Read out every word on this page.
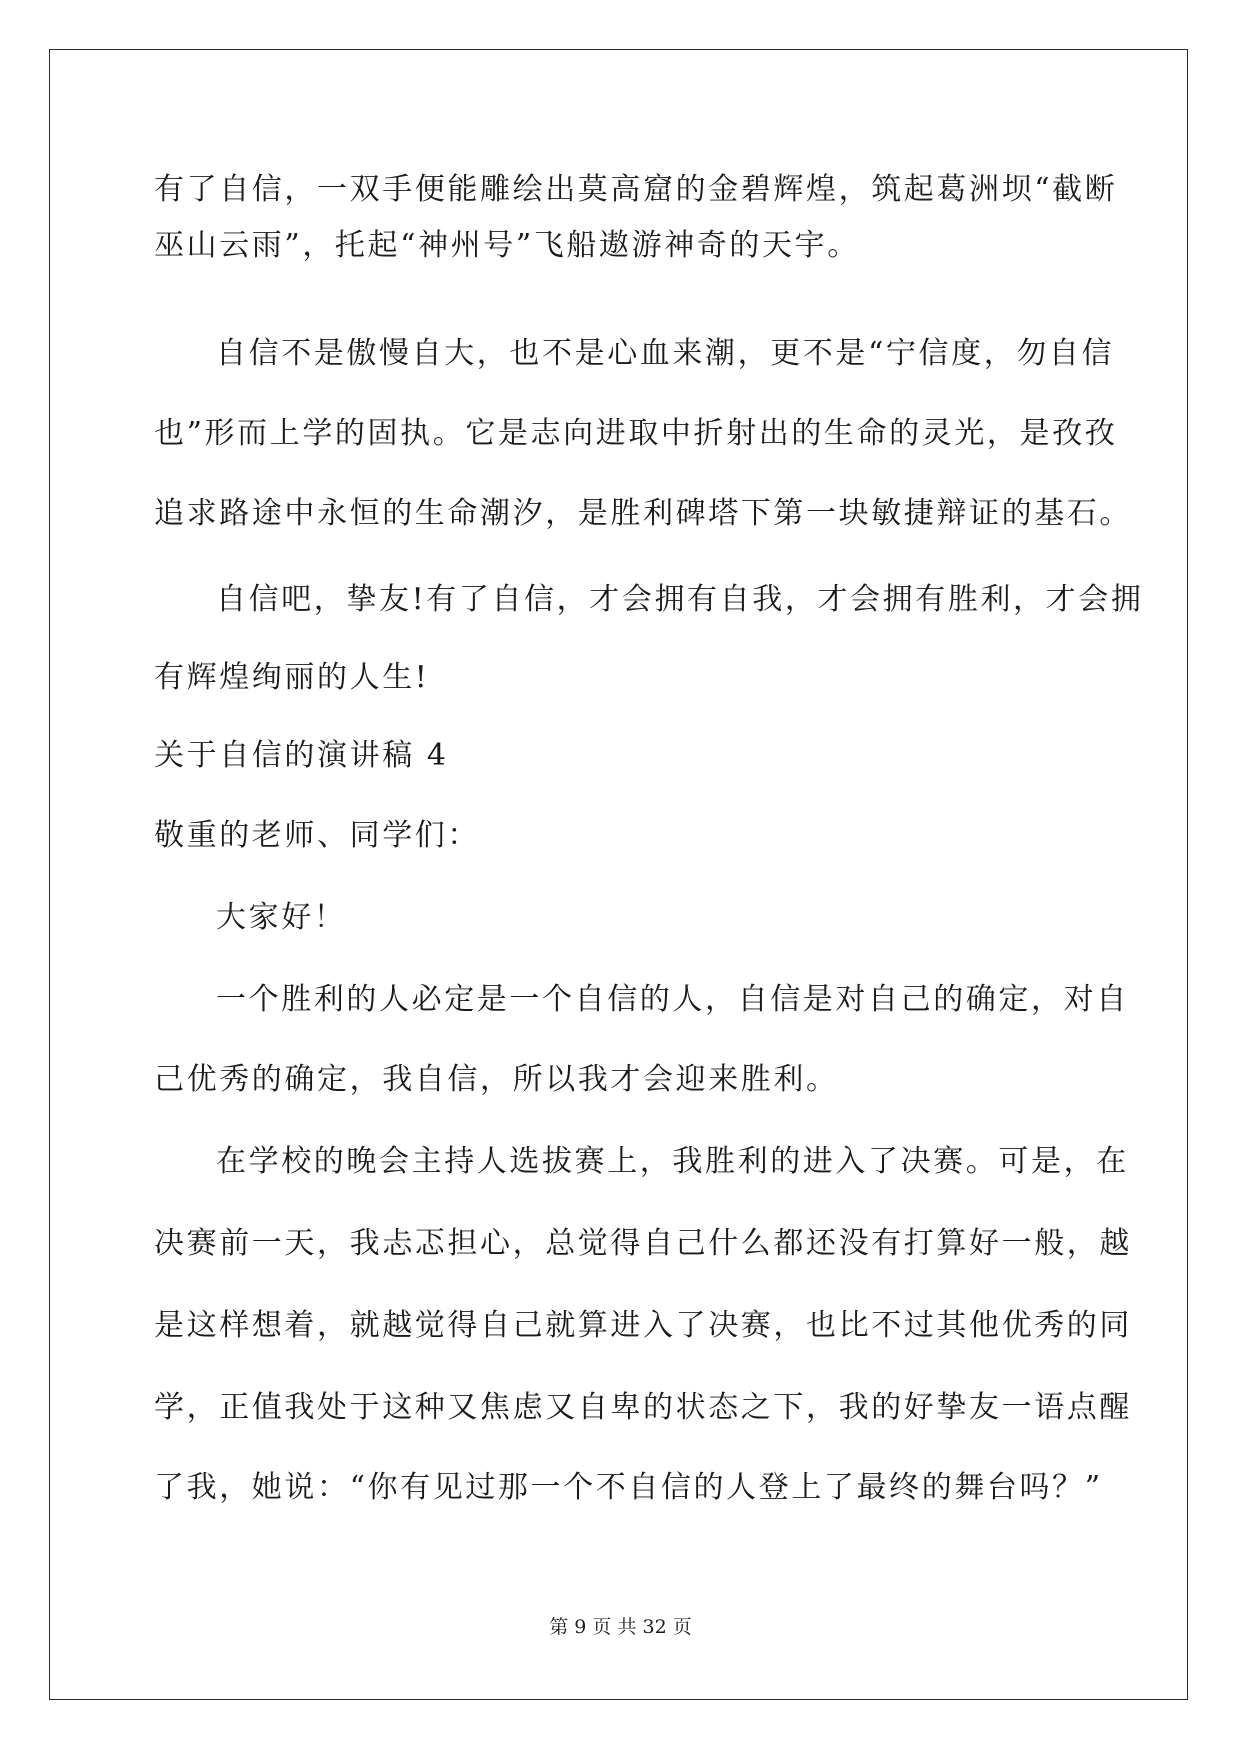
有了自信，一双手便能雕绘出莫高窟的金碧辉煌，筑起葛洲坝“截断
巫山云雨”，托起“神州号”飞船遨游神奇的天宇。
自信不是傲慢自大，也不是心血来潮，更不是“宁信度，勿自信
也”形而上学的固执。它是志向进取中折射出的生命的灵光，是孜孜
追求路途中永恒的生命潮汐，是胜利碑塔下第一块敏捷辩证的基石。
自信吧，挚友!有了自信，才会拥有自我，才会拥有胜利，才会拥
有辉煌绚丽的人生!
关于自信的演讲稿 4
敬重的老师、同学们：
大家好！
一个胜利的人必定是一个自信的人，自信是对自己的确定，对自
己优秀的确定，我自信，所以我才会迎来胜利。
在学校的晚会主持人选拔赛上，我胜利的进入了决赛。可是，在
决赛前一天，我忐忑担心，总觉得自己什么都还没有打算好一般，越
是这样想着，就越觉得自己就算进入了决赛，也比不过其他优秀的同
学，正值我处于这种又焦虑又自卑的状态之下，我的好挚友一语点醒
了我，她说：“你有见过那一个不自信的人登上了最终的舞台吗？”
第 9 页 共 32 页
